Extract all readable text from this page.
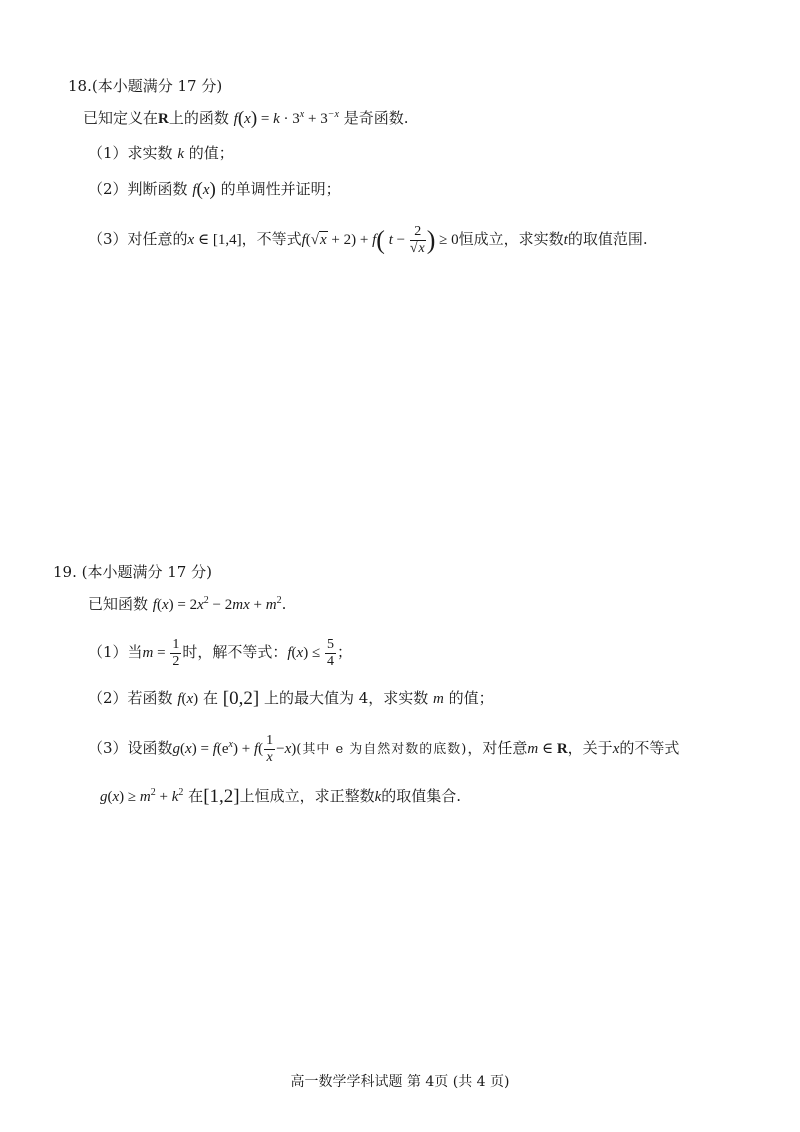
18.(本小题满分 17 分)
已知定义在R上的函数 $f(x) = k \cdot 3^x + 3^{-x}$ 是奇函数.
（1）求实数 k 的值；
（2）判断函数 f(x) 的单调性并证明；
（3）对任意的x ∈ [1,4]，不等式f(√x + 2) + f( $t - \frac{2}{√x}$ ) ≥ 0恒成立，求实数t的取值范围.
19. (本小题满分 17 分)
已知函数 $f(x) = 2x^2 - 2mx + m^2$.
（1）当$m = \frac{1}{2}$ 时，解不等式：$f(x) \le \frac{5}{4}$ ；
（2）若函数 f(x) 在 [0,2] 上的最大值为 4，求实数 m 的值；
（3）设函数$g(x) = f(e^x) + f( \frac{1}{x} -x)$(其中 e 为自然对数的底数)，对任意m ∈ R，关于x的不等式
$g(x) \ge m^2 + k^2$ 在[1,2]上恒成立，求正整数k的取值集合.
高一数学学科试题 第 4页 (共 4 页)
